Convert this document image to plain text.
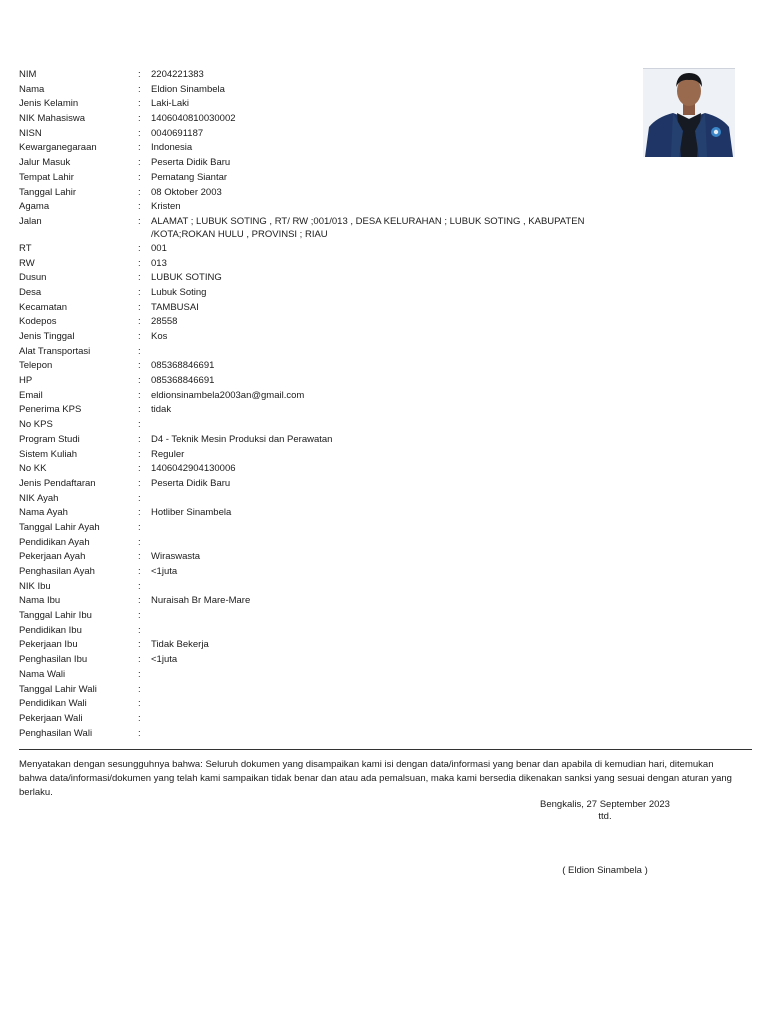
NIM	:	2204221383
Nama	:	Eldion Sinambela
Jenis Kelamin	:	Laki-Laki
NIK Mahasiswa	:	1406040810030002
NISN	:	0040691187
Kewarganegaraan	:	Indonesia
Jalur Masuk	:	Peserta Didik Baru
Tempat Lahir	:	Pematang Siantar
Tanggal Lahir	:	08 Oktober 2003
Agama	:	Kristen
Jalan	:	ALAMAT ; LUBUK SOTING , RT/ RW ;001/013 , DESA KELURAHAN ; LUBUK SOTING , KABUPATEN /KOTA;ROKAN HULU , PROVINSI ; RIAU
RT	:	001
RW	:	013
Dusun	:	LUBUK SOTING
Desa	:	Lubuk Soting
Kecamatan	:	TAMBUSAI
Kodepos	:	28558
Jenis Tinggal	:	Kos
Alat Transportasi	:
Telepon	:	085368846691
HP	:	085368846691
Email	:	eldionsinambela2003an@gmail.com
Penerima KPS	:	tidak
No KPS	:
Program Studi	:	D4 - Teknik Mesin Produksi dan Perawatan
Sistem Kuliah	:	Reguler
No KK	:	1406042904130006
Jenis Pendaftaran	:	Peserta Didik Baru
NIK Ayah	:
Nama Ayah	:	Hotliber Sinambela
Tanggal Lahir Ayah	:
Pendidikan Ayah	:
Pekerjaan Ayah	:	Wiraswasta
Penghasilan Ayah	:	<1juta
NIK Ibu	:
Nama Ibu	:	Nuraisah Br Mare-Mare
Tanggal Lahir Ibu	:
Pendidikan Ibu	:
Pekerjaan Ibu	:	Tidak Bekerja
Penghasilan Ibu	:	<1juta
Nama Wali	:
Tanggal Lahir Wali	:
Pendidikan Wali	:
Pekerjaan Wali	:
Penghasilan Wali	:
Menyatakan dengan sesungguhnya bahwa: Seluruh dokumen yang disampaikan kami isi dengan data/informasi yang benar dan apabila di kemudian hari, ditemukan bahwa data/informasi/dokumen yang telah kami sampaikan tidak benar dan atau ada pemalsuan, maka kami bersedia dikenakan sanksi yang sesuai dengan aturan yang berlaku.
Bengkalis, 27 September 2023
ttd.
( Eldion Sinambela )
